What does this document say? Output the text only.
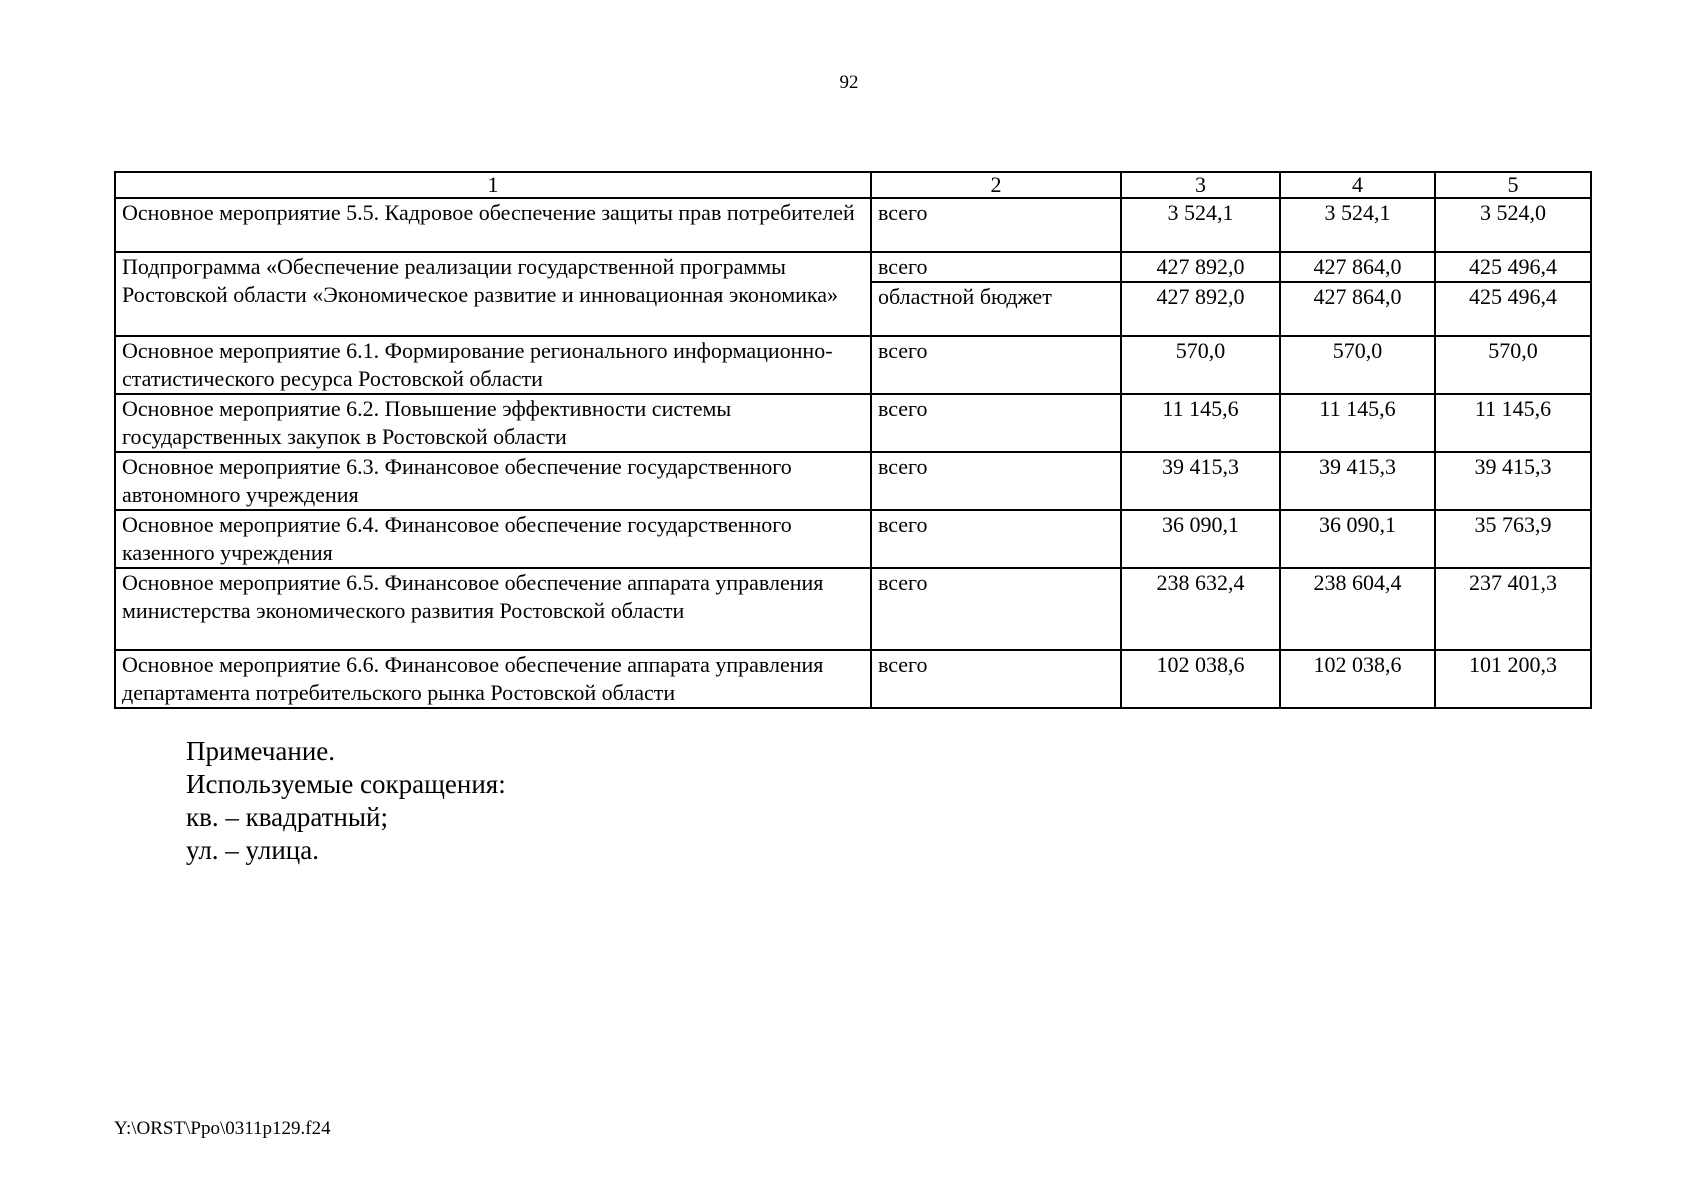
92
1	2	3	4	5
Основное мероприятие 5.5. Кадровое обеспечение защиты прав потребителей	всего	3 524,1	3 524,1	3 524,0
Подпрограмма «Обеспечение реализации государственной программы Ростовской области «Экономическое развитие и инновационная экономика»	всего	427 892,0	427 864,0	425 496,4
	областной бюджет	427 892,0	427 864,0	425 496,4
Основное мероприятие 6.1. Формирование регионального информационно-статистического ресурса Ростовской области	всего	570,0	570,0	570,0
Основное мероприятие 6.2. Повышение эффективности системы государственных закупок в Ростовской области	всего	11 145,6	11 145,6	11 145,6
Основное мероприятие 6.3. Финансовое обеспечение государственного автономного учреждения	всего	39 415,3	39 415,3	39 415,3
Основное мероприятие 6.4. Финансовое обеспечение государственного казенного учреждения	всего	36 090,1	36 090,1	35 763,9
Основное мероприятие 6.5. Финансовое обеспечение аппарата управления министерства экономического развития Ростовской области	всего	238 632,4	238 604,4	237 401,3
Основное мероприятие 6.6. Финансовое обеспечение аппарата управления департамента потребительского рынка Ростовской области	всего	102 038,6	102 038,6	101 200,3
Примечание.
Используемые сокращения:
кв. – квадратный;
ул. – улица.
Y:\ORST\Ppo\0311p129.f24
